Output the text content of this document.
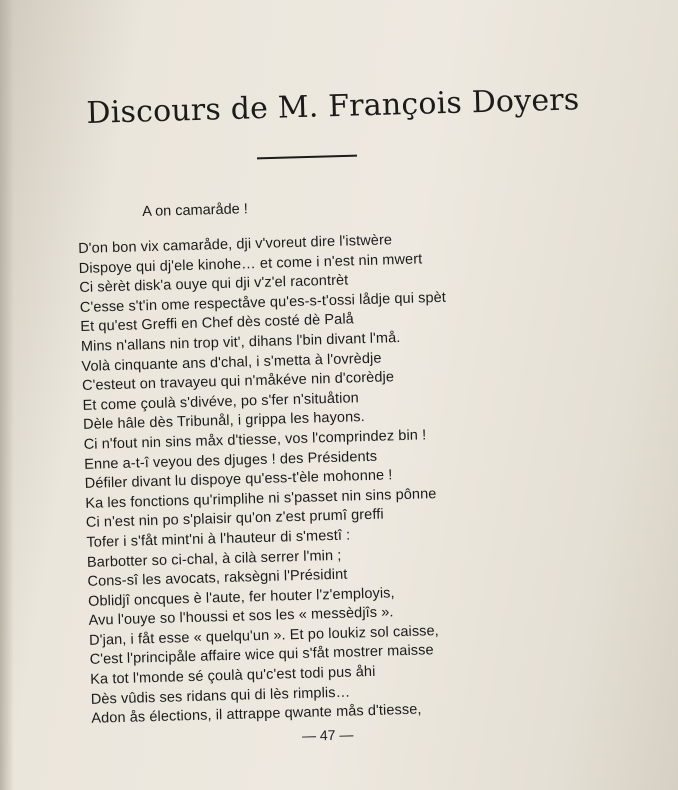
Discours de M. François Doyers
A on camaråde !
D'on bon vix camaråde, dji v'voreut dire l'istwère
Dispoye qui dj'ele kinohe… et come i n'est nin mwert
Ci sèrèt disk'a ouye qui dji v'z'el racontrèt
C'esse s't'in ome respectåve qu'es-s-t'ossi lådje qui spèt
Et qu'est Greffi en Chef dès costé dè Palå
Mins n'allans nin trop vit', dihans l'bin divant l'må.
Volà cinquante ans d'chal, i s'metta à l'ovrèdje
C'esteut on travayeu qui n'måkéve nin d'corèdje
Et come çoulà s'divéve, po s'fer n'situåtion
Dèle hâle dès Tribunål, i grippa les hayons.
Ci n'fout nin sins måx d'tiesse, vos l'comprindez bin !
Enne a-t-î veyou des djuges ! des Présidents
Défiler divant lu dispoye qu'ess-t'èle mohonne !
Ka les fonctions qu'rimplihe ni s'passet nin sins pônne
Ci n'est nin po s'plaisir qu'on z'est prumî greffi
Tofer i s'fåt mint'ni à l'hauteur di s'mestî :
Barbotter so ci-chal, à cilà serrer l'min ;
Cons-sî les avocats, raksègni l'Présidint
Oblidjî oncques è l'aute, fer houter l'z'employis,
Avu l'ouye so l'houssi et sos les « messèdjîs ».
D'jan, i fåt esse « quelqu'un ». Et po loukiz sol caisse,
C'est l'principåle affaire wice qui s'fåt mostrer maisse
Ka tot l'monde sé çoulà qu'c'est todi pus åhi
Dès vûdis ses ridans qui di lès rimplis…
Adon ås élections, il attrappe qwante mås d'tiesse,
— 47 —
